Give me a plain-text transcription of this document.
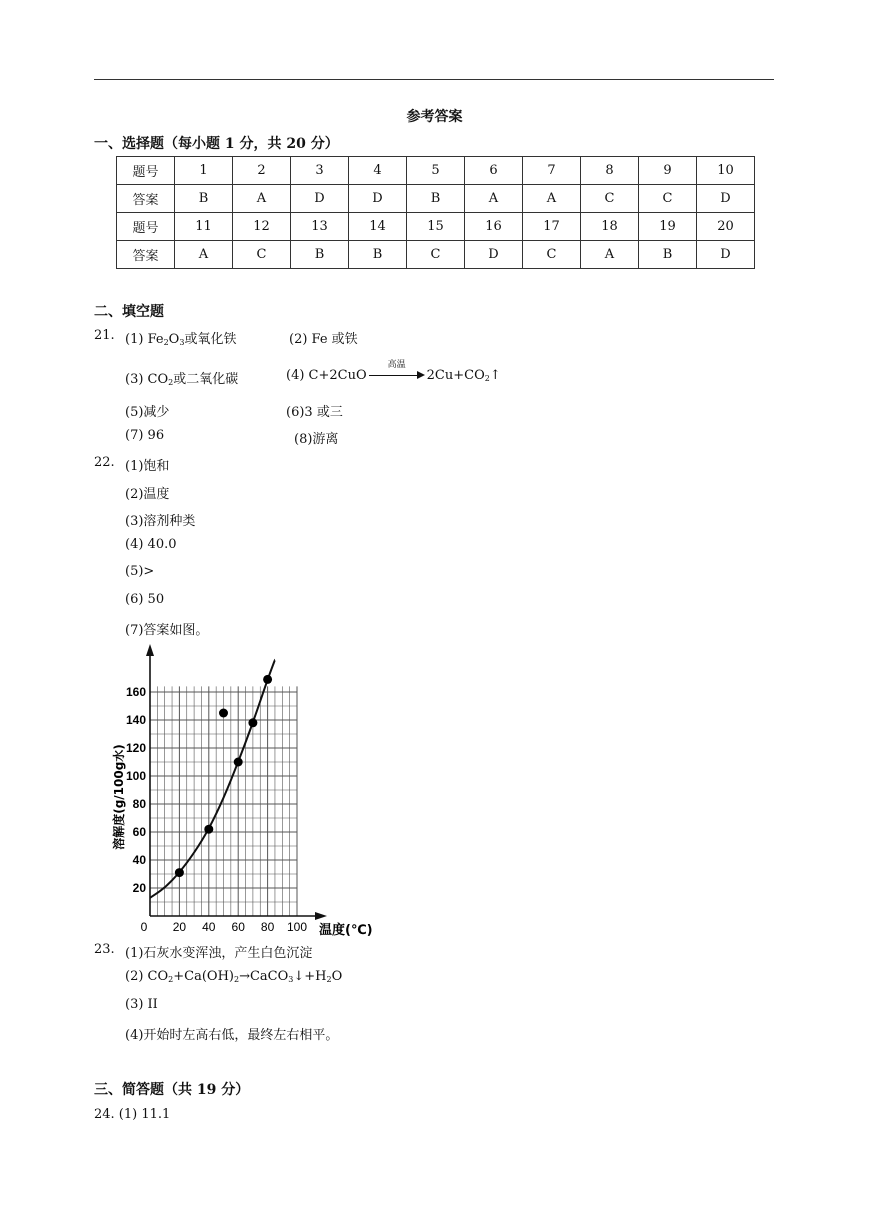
参考答案
一、选择题（每小题 1 分，共 20 分）
题号	1	2	3	4	5	6	7	8	9	10
答案	B	A	D	D	B	A	A	C	C	D
题号	11	12	13	14	15	16	17	18	19	20
答案	A	C	B	B	C	D	C	A	B	D
二、填空题
21. (1) $Fe_2O_3$或氧化铁	(2) Fe 或铁
(3) $CO_2$或二氧化碳	(4) C+2CuO
高温
$2Cu+CO_2↑$
(5)减少	(6)3 或三
(7) 96	(8)游离
22. (1)饱和
(2)温度
(3)溶剂种类
(4) 40.0
(5)>
(6) 50
(7)答案如图。
0 20 40 60 80 100
20
40
60
80
100
120
140
160
温度(℃)
溶解度(g/100g水)
23. (1)石灰水变浑浊，产生白色沉淀
(2) $CO_2+Ca(OH)_2\to CaCO_3↓+H_2O$
(3) II
(4)开始时左高右低，最终左右相平。
三、简答题（共 19 分）
24. (1) 11.1
